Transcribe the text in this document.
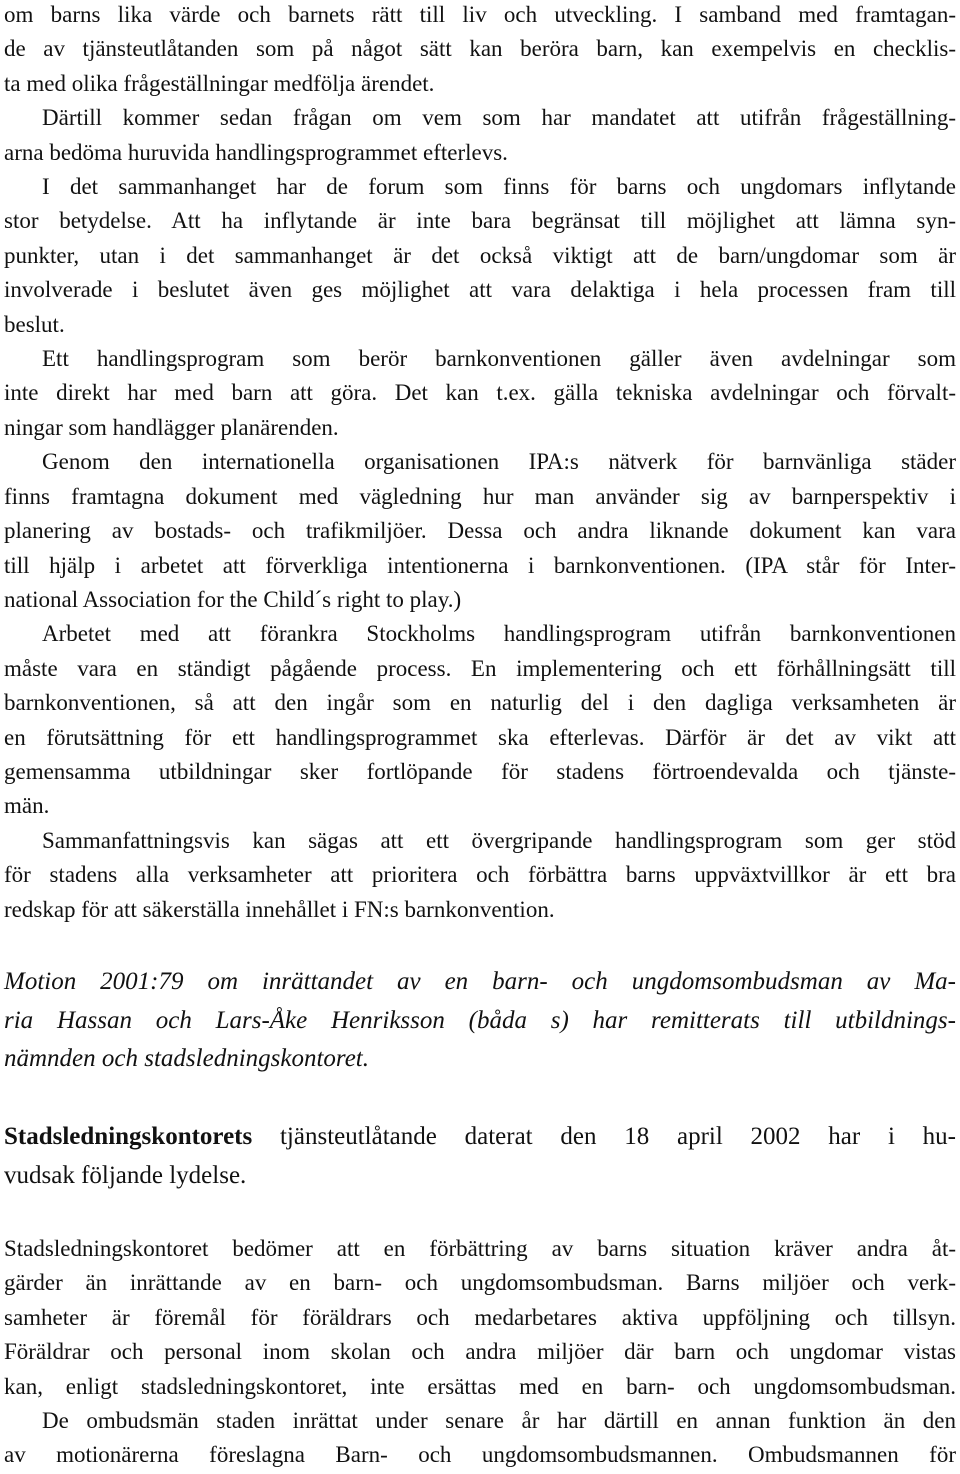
om barns lika värde och barnets rätt till liv och utveckling. I samband med framtagan-
de av tjänsteutlåtanden som på något sätt kan beröra barn, kan exempelvis en checklis-
ta med olika frågeställningar medfölja ärendet.
Därtill kommer sedan frågan om vem som har mandatet att utifrån frågeställning-
arna bedöma huruvida handlingsprogrammet efterlevs.
I det sammanhanget har de forum som finns för barns och ungdomars inflytande
stor betydelse. Att ha inflytande är inte bara begränsat till möjlighet att lämna syn-
punkter, utan i det sammanhanget är det också viktigt att de barn/ungdomar som är
involverade i beslutet även ges möjlighet att vara delaktiga i hela processen fram till
beslut.
Ett handlingsprogram som berör barnkonventionen gäller även avdelningar som
inte direkt har med barn att göra. Det kan t.ex. gälla tekniska avdelningar och förvalt-
ningar som handlägger planärenden.
Genom den internationella organisationen IPA:s nätverk för barnvänliga städer
finns framtagna dokument med vägledning hur man använder sig av barnperspektiv i
planering av bostads- och trafikmiljöer. Dessa och andra liknande dokument kan vara
till hjälp i arbetet att förverkliga intentionerna i barnkonventionen. (IPA står för Inter-
national Association for the Child´s right to play.)
Arbetet med att förankra Stockholms handlingsprogram utifrån barnkonventionen
måste vara en ständigt pågående process. En implementering och ett förhållningsätt till
barnkonventionen, så att den ingår som en naturlig del i den dagliga verksamheten är
en förutsättning för ett handlingsprogrammet ska efterlevas. Därför är det av vikt att
gemensamma utbildningar sker fortlöpande för stadens förtroendevalda och tjänste-
män.
Sammanfattningsvis kan sägas att ett övergripande handlingsprogram som ger stöd
för stadens alla verksamheter att prioritera och förbättra barns uppväxtvillkor är ett bra
redskap för att säkerställa innehållet i FN:s barnkonvention.
Motion 2001:79 om inrättandet av en barn- och ungdomsombudsman av Ma-
ria Hassan och Lars-Åke Henriksson (båda s) har remitterats till utbildnings-
nämnden och stadsledningskontoret.
Stadsledningskontorets tjänsteutlåtande daterat den 18 april 2002 har i hu-
vudsak följande lydelse.
Stadsledningskontoret bedömer att en förbättring av barns situation kräver andra åt-
gärder än inrättande av en barn- och ungdomsombudsman. Barns miljöer och verk-
samheter är föremål för föräldrars och medarbetares aktiva uppföljning och tillsyn.
Föräldrar och personal inom skolan och andra miljöer där barn och ungdomar vistas
kan, enligt stadsledningskontoret, inte ersättas med en barn- och ungdomsombudsman.
De ombudsmän staden inrättat under senare år har därtill en annan funktion än den
av motionärerna föreslagna Barn- och ungdomsombudsmannen. Ombudsmannen för
